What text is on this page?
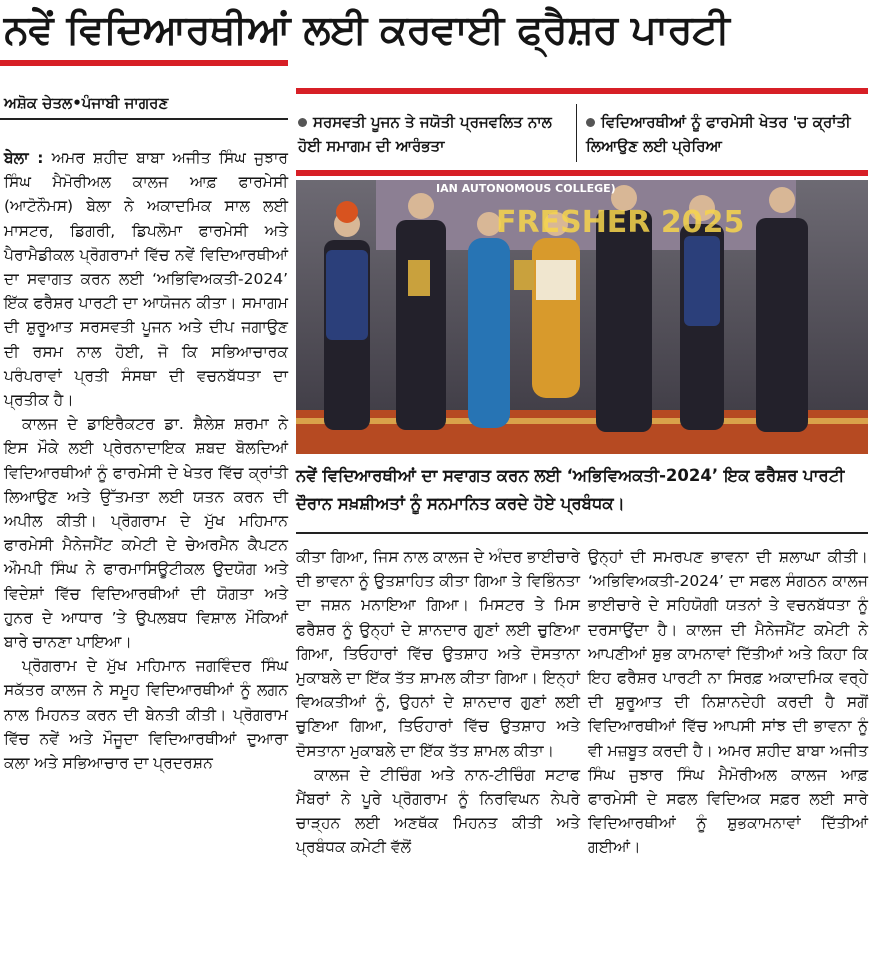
ਨਵੇਂ ਵਿਦਿਆਰਥੀਆਂ ਲਈ ਕਰਵਾਈ ਫ੍ਰੈਸ਼ਰ ਪਾਰਟੀ
ਅਸ਼ੋਕ ਚੇਤਲ•ਪੰਜਾਬੀ ਜਾਗਰਣ
ਸਰਸਵਤੀ ਪੂਜਨ ਤੇ ਜਯੋਤੀ ਪ੍ਰਜਵਲਿਤ ਨਾਲ ਹੋਈ ਸਮਾਗਮ ਦੀ ਆਰੰਭਤਾ
ਵਿਦਿਆਰਥੀਆਂ ਨੂੰ ਫਾਰਮੇਸੀ ਖੇਤਰ 'ਚ ਕ੍ਰਾਂਤੀ ਲਿਆਉਣ ਲਈ ਪ੍ਰੇਰਿਆ
IAN AUTONOMOUS COLLEGE)
FRESHER 2025
ਨਵੇਂ ਵਿਦਿਆਰਥੀਆਂ ਦਾ ਸਵਾਗਤ ਕਰਨ ਲਈ ‘ਅਭਿਵਿਅਕਤੀ-2024’ ਇਕ ਫਰੈਸ਼ਰ ਪਾਰਟੀ ਦੌਰਾਨ ਸਖ਼ਸ਼ੀਅਤਾਂ ਨੂੰ ਸਨਮਾਨਿਤ ਕਰਦੇ ਹੋਏ ਪ੍ਰਬੰਧਕ।

ਬੇਲਾ : ਅਮਰ ਸ਼ਹੀਦ ਬਾਬਾ ਅਜੀਤ ਸਿੰਘ ਜੁਝਾਰ ਸਿੰਘ ਮੈਮੋਰੀਅਲ ਕਾਲਜ ਆਫ਼ ਫਾਰਮੇਸੀ (ਆਟੋਨੌਮਸ) ਬੇਲਾ ਨੇ ਅਕਾਦਮਿਕ ਸਾਲ ਲਈ ਮਾਸਟਰ, ਡਿਗਰੀ, ਡਿਪਲੋਮਾ ਫਾਰਮੇਸੀ ਅਤੇ ਪੈਰਾਮੈਡੀਕਲ ਪ੍ਰੋਗਰਾਮਾਂ ਵਿੱਚ ਨਵੇਂ ਵਿਦਿਆਰਥੀਆਂ ਦਾ ਸਵਾਗਤ ਕਰਨ ਲਈ ‘ਅਭਿਵਿਅਕਤੀ-2024’ ਇੱਕ ਫਰੈਸ਼ਰ ਪਾਰਟੀ ਦਾ ਆਯੋਜਨ ਕੀਤਾ। ਸਮਾਗਮ ਦੀ ਸ਼ੁਰੂਆਤ ਸਰਸਵਤੀ ਪੂਜਨ ਅਤੇ ਦੀਪ ਜਗਾਉਣ ਦੀ ਰਸਮ ਨਾਲ ਹੋਈ, ਜੋ ਕਿ ਸਭਿਆਚਾਰਕ ਪਰੰਪਰਾਵਾਂ ਪ੍ਰਤੀ ਸੰਸਥਾ ਦੀ ਵਚਨਬੱਧਤਾ ਦਾ ਪ੍ਰਤੀਕ ਹੈ।

ਕਾਲਜ ਦੇ ਡਾਇਰੈਕਟਰ ਡਾ. ਸ਼ੈਲੇਸ਼ ਸ਼ਰਮਾ ਨੇ ਇਸ ਮੌਕੇ ਲਈ ਪ੍ਰੇਰਨਾਦਾਇਕ ਸ਼ਬਦ ਬੋਲਦਿਆਂ ਵਿਦਿਆਰਥੀਆਂ ਨੂੰ ਫਾਰਮੇਸੀ ਦੇ ਖੇਤਰ ਵਿੱਚ ਕ੍ਰਾਂਤੀ ਲਿਆਉਣ ਅਤੇ ਉੱਤਮਤਾ ਲਈ ਯਤਨ ਕਰਨ ਦੀ ਅਪੀਲ ਕੀਤੀ। ਪ੍ਰੋਗਰਾਮ ਦੇ ਮੁੱਖ ਮਹਿਮਾਨ ਫਾਰਮੇਸੀ ਮੈਨੇਜਮੈਂਟ ਕਮੇਟੀ ਦੇ ਚੇਅਰਮੈਨ ਕੈਪਟਨ ਔਮਪੀ ਸਿੰਘ ਨੇ ਫਾਰਮਾਸਿਊਟੀਕਲ ਉਦਯੋਗ ਅਤੇ ਵਿਦੇਸ਼ਾਂ ਵਿੱਚ ਵਿਦਿਆਰਥੀਆਂ ਦੀ ਯੋਗਤਾ ਅਤੇ ਹੁਨਰ ਦੇ ਆਧਾਰ ’ਤੇ ਉਪਲਬਧ ਵਿਸ਼ਾਲ ਮੌਕਿਆਂ ਬਾਰੇ ਚਾਨਣਾ ਪਾਇਆ।

ਪ੍ਰੋਗਰਾਮ ਦੇ ਮੁੱਖ ਮਹਿਮਾਨ ਜਗਵਿੰਦਰ ਸਿੰਘ ਸਕੱਤਰ ਕਾਲਜ ਨੇ ਸਮੂਹ ਵਿਦਿਆਰਥੀਆਂ ਨੂੰ ਲਗਨ ਨਾਲ ਮਿਹਨਤ ਕਰਨ ਦੀ ਬੇਨਤੀ ਕੀਤੀ। ਪ੍ਰੋਗਰਾਮ ਵਿੱਚ ਨਵੇਂ ਅਤੇ ਮੌਜੂਦਾ ਵਿਦਿਆਰਥੀਆਂ ਦੁਆਰਾ ਕਲਾ ਅਤੇ ਸਭਿਆਚਾਰ ਦਾ ਪ੍ਰਦਰਸ਼ਨ

ਕੀਤਾ ਗਿਆ, ਜਿਸ ਨਾਲ ਕਾਲਜ ਦੇ ਅੰਦਰ ਭਾਈਚਾਰੇ ਦੀ ਭਾਵਨਾ ਨੂੰ ਉਤਸ਼ਾਹਿਤ ਕੀਤਾ ਗਿਆ ਤੇ ਵਿਭਿੰਨਤਾ ਦਾ ਜਸ਼ਨ ਮਨਾਇਆ ਗਿਆ। ਮਿਸਟਰ ਤੇ ਮਿਸ ਫਰੈਸ਼ਰ ਨੂੰ ਉਨ੍ਹਾਂ ਦੇ ਸ਼ਾਨਦਾਰ ਗੁਣਾਂ ਲਈ ਚੁਣਿਆ ਗਿਆ, ਤਿਓਹਾਰਾਂ ਵਿੱਚ ਉਤਸ਼ਾਹ ਅਤੇ ਦੋਸਤਾਨਾ ਮੁਕਾਬਲੇ ਦਾ ਇੱਕ ਤੱਤ ਸ਼ਾਮਲ ਕੀਤਾ ਗਿਆ। ਇਨ੍ਹਾਂ ਵਿਅਕਤੀਆਂ ਨੂੰ, ਉਹਨਾਂ ਦੇ ਸ਼ਾਨਦਾਰ ਗੁਣਾਂ ਲਈ ਚੁਣਿਆ ਗਿਆ, ਤਿਓਹਾਰਾਂ ਵਿੱਚ ਉਤਸ਼ਾਹ ਅਤੇ ਦੋਸਤਾਨਾ ਮੁਕਾਬਲੇ ਦਾ ਇੱਕ ਤੱਤ ਸ਼ਾਮਲ ਕੀਤਾ।

ਕਾਲਜ ਦੇ ਟੀਚਿੰਗ ਅਤੇ ਨਾਨ-ਟੀਚਿੰਗ ਸਟਾਫ ਮੈਂਬਰਾਂ ਨੇ ਪੂਰੇ ਪ੍ਰੋਗਰਾਮ ਨੂੰ ਨਿਰਵਿਘਨ ਨੇਪਰੇ ਚਾੜ੍ਹਨ ਲਈ ਅਣਥੱਕ ਮਿਹਨਤ ਕੀਤੀ ਅਤੇ ਪ੍ਰਬੰਧਕ ਕਮੇਟੀ ਵੱਲੋਂ

ਉਨ੍ਹਾਂ ਦੀ ਸਮਰਪਣ ਭਾਵਨਾ ਦੀ ਸ਼ਲਾਘਾ ਕੀਤੀ। ‘ਅਭਿਵਿਅਕਤੀ-2024’ ਦਾ ਸਫਲ ਸੰਗਠਨ ਕਾਲਜ ਭਾਈਚਾਰੇ ਦੇ ਸਹਿਯੋਗੀ ਯਤਨਾਂ ਤੇ ਵਚਨਬੱਧਤਾ ਨੂੰ ਦਰਸਾਉਂਦਾ ਹੈ। ਕਾਲਜ ਦੀ ਮੈਨੇਜਮੈਂਟ ਕਮੇਟੀ ਨੇ ਆਪਣੀਆਂ ਸ਼ੁਭ ਕਾਮਨਾਵਾਂ ਦਿੱਤੀਆਂ ਅਤੇ ਕਿਹਾ ਕਿ ਇਹ ਫਰੈਸ਼ਰ ਪਾਰਟੀ ਨਾ ਸਿਰਫ਼ ਅਕਾਦਮਿਕ ਵਰ੍ਹੇ ਦੀ ਸ਼ੁਰੂਆਤ ਦੀ ਨਿਸ਼ਾਨਦੇਹੀ ਕਰਦੀ ਹੈ ਸਗੋਂ ਵਿਦਿਆਰਥੀਆਂ ਵਿੱਚ ਆਪਸੀ ਸਾਂਝ ਦੀ ਭਾਵਨਾ ਨੂੰ ਵੀ ਮਜ਼ਬੂਤ ਕਰਦੀ ਹੈ। ਅਮਰ ਸ਼ਹੀਦ ਬਾਬਾ ਅਜੀਤ ਸਿੰਘ ਜੁਝਾਰ ਸਿੰਘ ਮੈਮੋਰੀਅਲ ਕਾਲਜ ਆਫ਼ ਫਾਰਮੇਸੀ ਦੇ ਸਫਲ ਵਿਦਿਅਕ ਸਫ਼ਰ ਲਈ ਸਾਰੇ ਵਿਦਿਆਰਥੀਆਂ ਨੂੰ ਸ਼ੁਭਕਾਮਨਾਵਾਂ ਦਿੱਤੀਆਂ ਗਈਆਂ।
